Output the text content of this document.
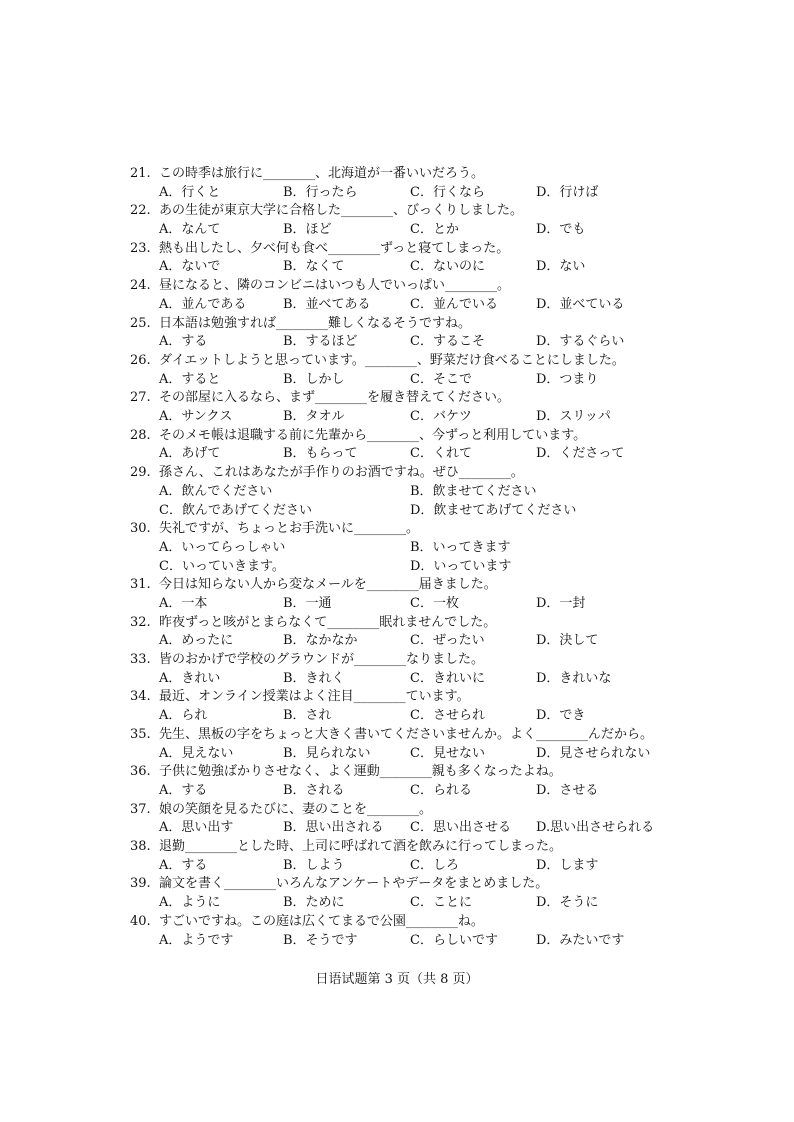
21. この時季は旅行に________、北海道が一番いいだろう。
A．行くと	B．行ったら	C．行くなら	D．行けば
22. あの生徒が東京大学に合格した________、びっくりしました。
A．なんて	B．ほど	C．とか	D．でも
23. 熱も出したし、夕べ何も食べ________ずっと寝てしまった。
A．ないで	B．なくて	C．ないのに	D．ない
24. 昼になると、隣のコンビニはいつも人でいっぱい________。
A．並んである	B．並べてある	C．並んでいる	D．並べている
25. 日本語は勉強すれば________難しくなるそうですね。
A．する	B．するほど	C．するこそ	D．するぐらい
26. ダイエットしようと思っています。________、野菜だけ食べることにしました。
A．すると	B．しかし	C．そこで	D．つまり
27. その部屋に入るなら、まず________を履き替えてください。
A．サンクス	B．タオル	C．バケツ	D．スリッパ
28. そのメモ帳は退職する前に先輩から________、今ずっと利用しています。
A．あげて	B．もらって	C．くれて	D．くださって
29. 孫さん、これはあなたが手作りのお酒ですね。ぜひ________。
A．飲んでください	B．飲ませてください
C．飲んであげてください	D．飲ませてあげてください
30. 失礼ですが、ちょっとお手洗いに________。
A．いってらっしゃい	B．いってきます
C．いっていきます。	D．いっています
31. 今日は知らない人から変なメールを________届きました。
A．一本	B．一通	C．一枚	D．一封
32. 昨夜ずっと咳がとまらなくて________眠れませんでした。
A．めったに	B．なかなか	C．ぜったい	D．決して
33. 皆のおかげで学校のグラウンドが________なりました。
A．きれい	B．きれく	C．きれいに	D．きれいな
34. 最近、オンライン授業はよく注目________ています。
A．られ	B．され	C．させられ	D．でき
35. 先生、黒板の字をちょっと大きく書いてくださいませんか。よく________んだから。
A．見えない	B．見られない	C．見せない	D．見させられない
36. 子供に勉強ばかりさせなく、よく運動________親も多くなったよね。
A．する	B．される	C．られる	D．させる
37. 娘の笑顔を見るたびに、妻のことを________。
A．思い出す	B．思い出される C．思い出させる D.思い出させられる
38. 退勤________とした時、上司に呼ばれて酒を飲みに行ってしまった。
A．する	B．しよう	C．しろ	D．します
39. 論文を書く________いろんなアンケートやデータをまとめました。
A．ように	B．ために	C．ことに	D．そうに
40. すごいですね。この庭は広くてまるで公園________ね。
A．ようです	B．そうです	C．らしいです	D．みたいです
日语试题第 3 页（共 8 页）
